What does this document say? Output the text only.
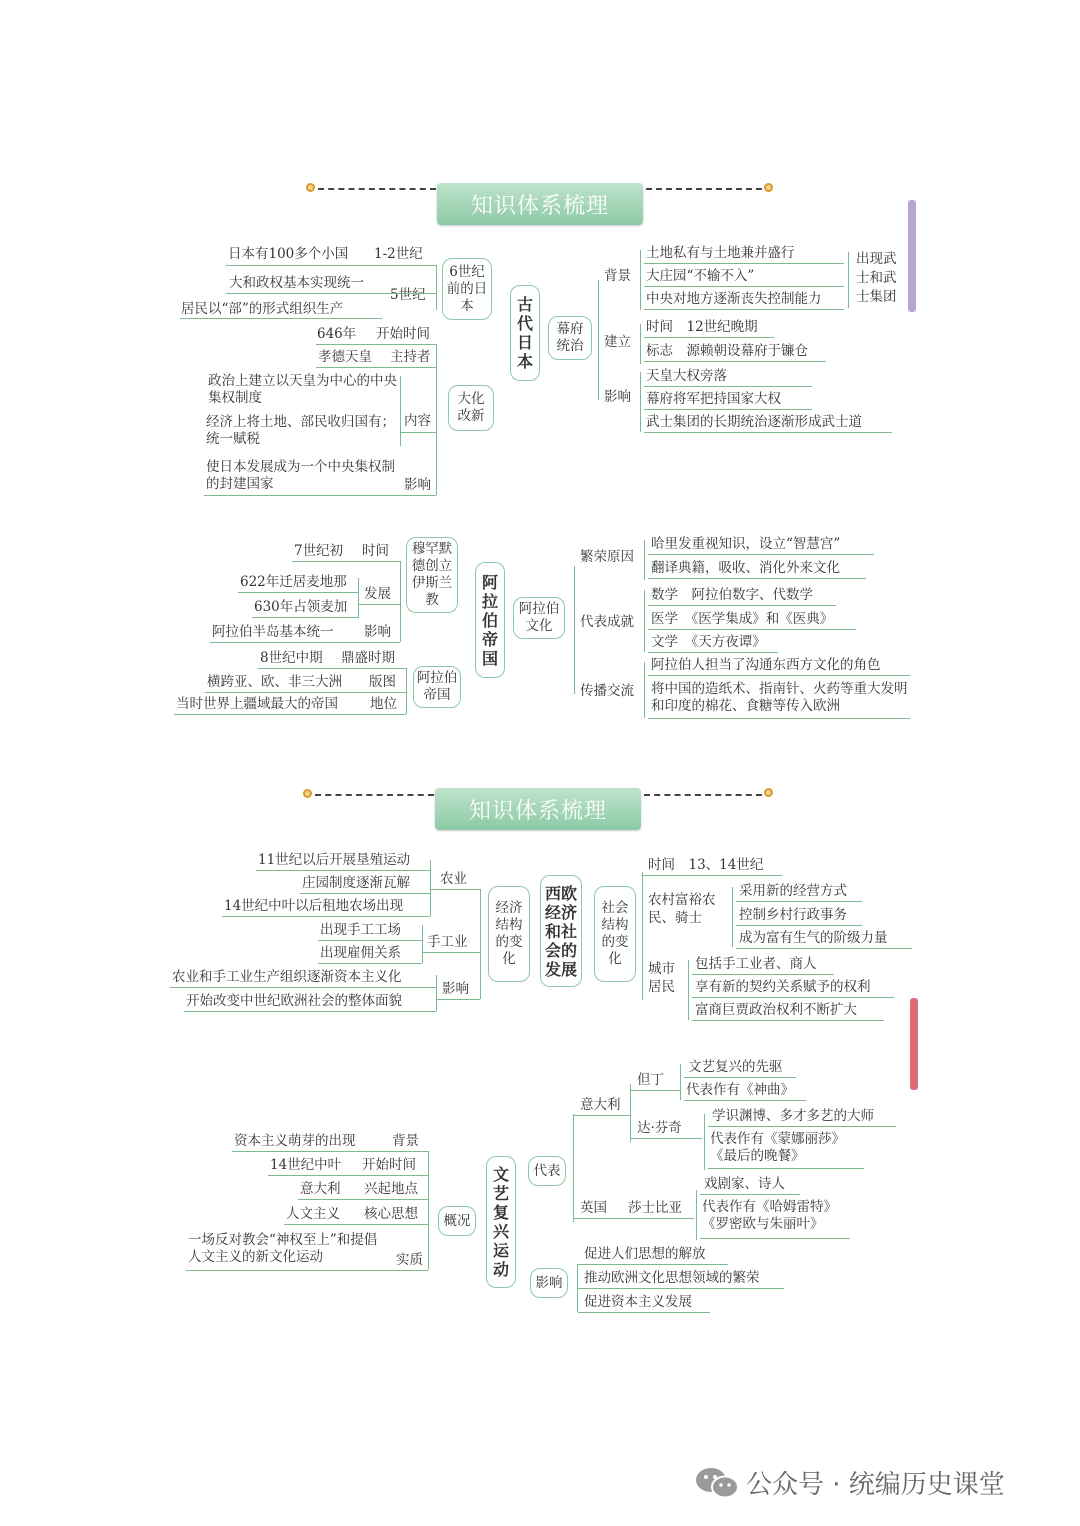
知识体系梳理
古
代
日
本
6世纪前的日本
日本有100多个小国 1-2世纪
大和政权基本实现统一
5世纪
居民以“部”的形式组织生产
大化改新
646年 开始时间
孝德天皇 主持者
政治上建立以天皇为中心的中央集权制度
经济上将土地、部民收归国有；统一赋税
内容
使日本发展成为一个中央集权制的封建国家	影响
幕府统治
背景
土地私有与土地兼并盛行
大庄园“不输不入”
中央对地方逐渐丧失控制能力
出现武士和武士集团
建立
时间　12世纪晚期
标志　源赖朝设幕府于镰仓
影响
天皇大权旁落
幕府将军把持国家大权
武士集团的长期统治逐渐形成武士道
阿
拉
伯
帝
国
穆罕默德创立伊斯兰教
7世纪初 时间
622年迁居麦地那
630年占领麦加
发展
阿拉伯半岛基本统一 影响
阿拉伯帝国
8世纪中期 鼎盛时期
横跨亚、欧、非三大洲 版图
当时世界上疆域最大的帝国 地位
阿拉伯文化
繁荣原因
哈里发重视知识，设立“智慧宫”
翻译典籍，吸收、消化外来文化
代表成就
数学　阿拉伯数字、代数学
医学　《医学集成》和《医典》
文学　《天方夜谭》
传播交流
阿拉伯人担当了沟通东西方文化的角色
将中国的造纸术、指南针、火药等重大发明和印度的棉花、食糖等传入欧洲
知识体系梳理
西欧经济和社会的发展
经济结构的变化
11世纪以后开展垦殖运动
庄园制度逐渐瓦解
14世纪中叶以后租地农场出现
农业
出现手工工场
出现雇佣关系
手工业
农业和手工业生产组织逐渐资本主义化
开始改变中世纪欧洲社会的整体面貌
影响
社会结构的变化
时间　13、14世纪
农村富裕农民、骑士
采用新的经营方式
控制乡村行政事务
成为富有生气的阶级力量
城市居民
包括手工业者、商人
享有新的契约关系赋予的权利
富商巨贾政治权利不断扩大
文
艺
复
兴
运
动
概况
资本主义萌芽的出现	背景
14世纪中叶 开始时间
意大利 兴起地点
人文主义 核心思想
一场反对教会“神权至上”和提倡人文主义的新文化运动	实质
代表
意大利
但丁
文艺复兴的先驱
代表作有《神曲》
达·芬奇
学识渊博、多才多艺的大师
代表作有《蒙娜丽莎》《最后的晚餐》
英国 莎士比亚
戏剧家、诗人
代表作有《哈姆雷特》《罗密欧与朱丽叶》
影响
促进人们思想的解放
推动欧洲文化思想领域的繁荣
促进资本主义发展
公众号 · 统编历史课堂
